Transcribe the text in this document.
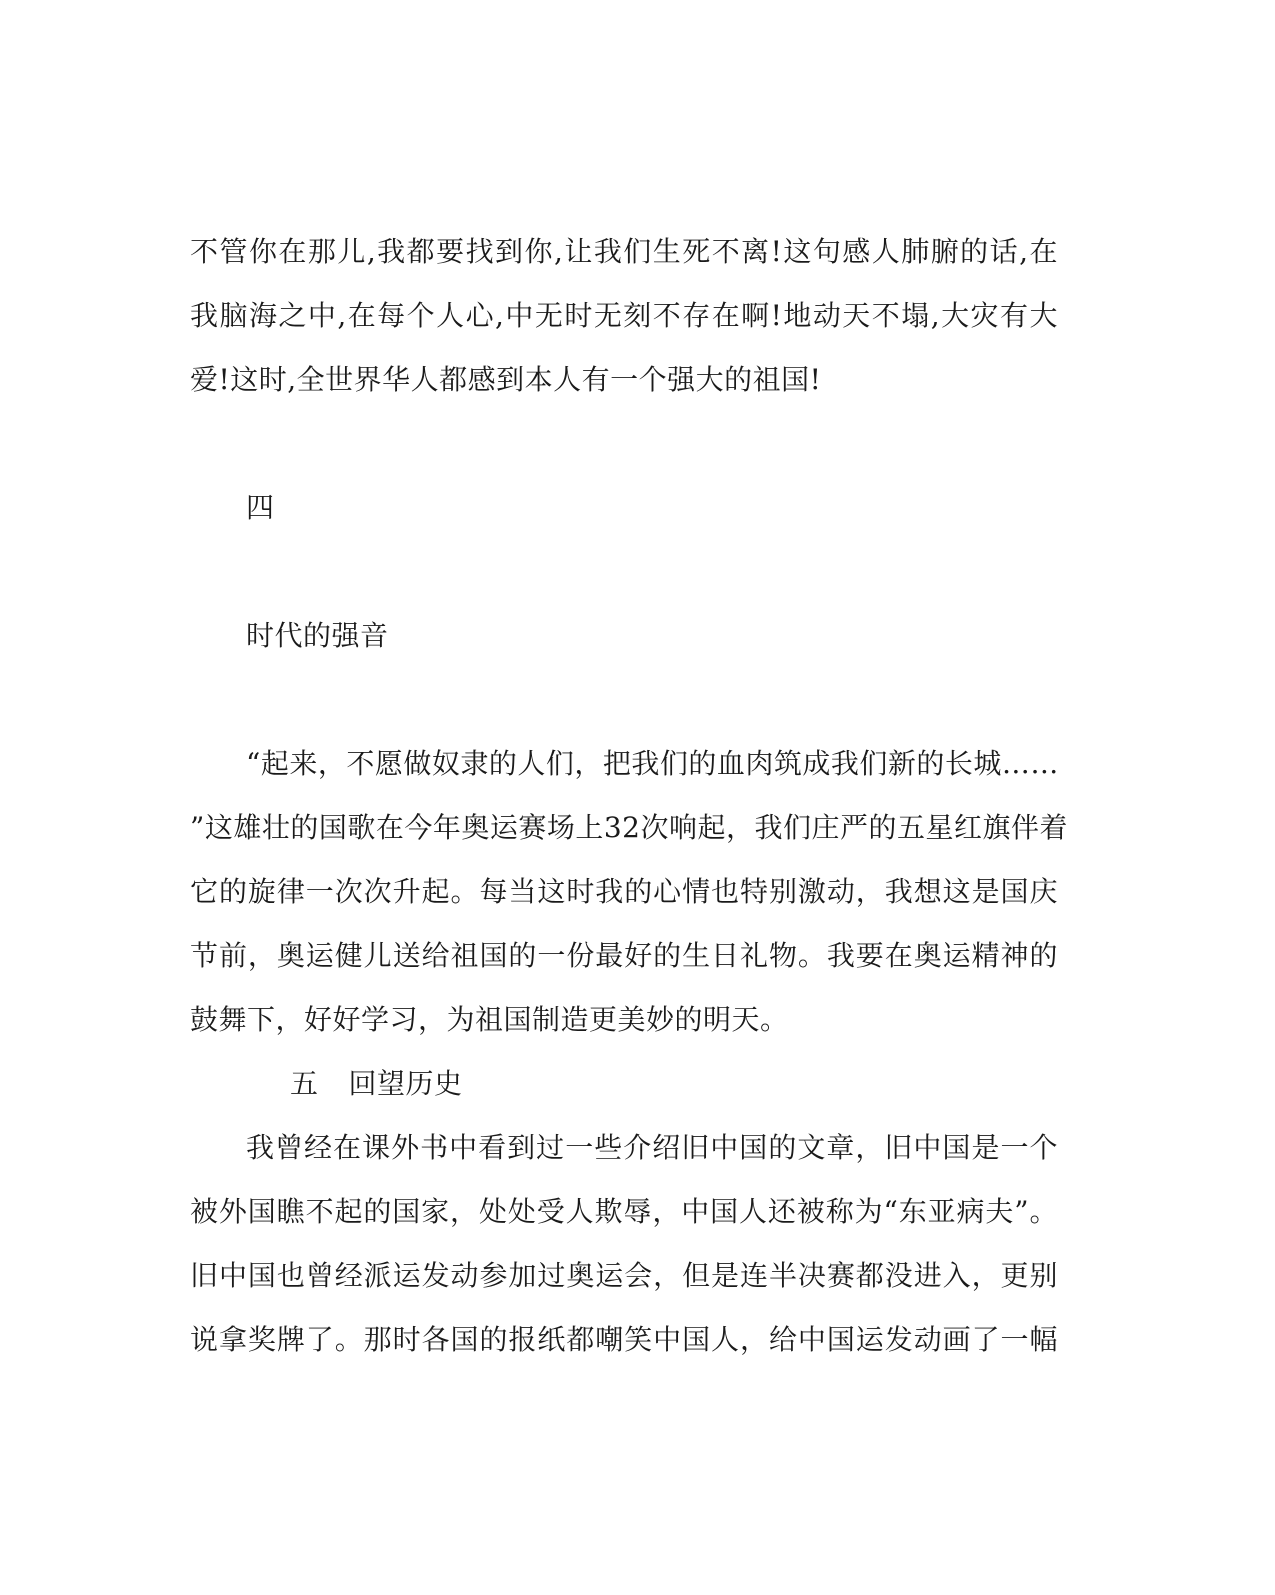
不管你在那儿,我都要找到你,让我们生死不离!这句感人肺腑的话,在
我脑海之中,在每个人心,中无时无刻不存在啊!地动天不塌,大灾有大
爱!这时,全世界华人都感到本人有一个强大的祖国!
四
时代的强音
“起来，不愿做奴隶的人们，把我们的血肉筑成我们新的长城……
”这雄壮的国歌在今年奥运赛场上32次响起，我们庄严的五星红旗伴着
它的旋律一次次升起。每当这时我的心情也特别激动，我想这是国庆
节前，奥运健儿送给祖国的一份最好的生日礼物。我要在奥运精神的
鼓舞下，好好学习，为祖国制造更美妙的明天。
五 回望历史
我曾经在课外书中看到过一些介绍旧中国的文章，旧中国是一个
被外国瞧不起的国家，处处受人欺辱，中国人还被称为“东亚病夫”。
旧中国也曾经派运发动参加过奥运会，但是连半决赛都没进入，更别
说拿奖牌了。那时各国的报纸都嘲笑中国人，给中国运发动画了一幅
